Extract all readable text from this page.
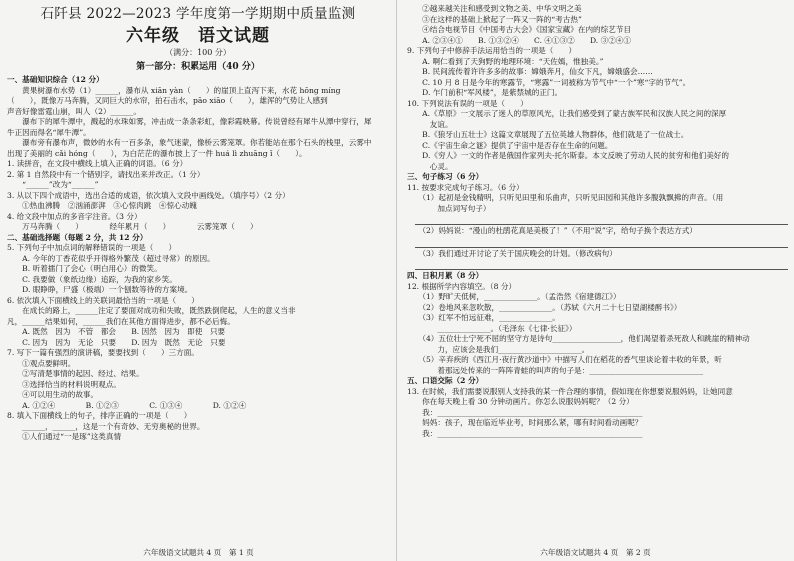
石阡县 2022—2023 学年度第一学期期中质量监测
六年级　语文试题
（满分：100 分）
第一部分：积累运用（40 分）
一、基础知识综合（12 分）
　　黄果树瀑布水势（1）______，瀑布从 xiān yàn（　　）的崖顶上直泻下来，水花 hōng míng
（　　），既像万马奔腾，又同巨大的水帘，拍石击水，pāo xiāo（　　），雄浑的气势让人感到
声音好像雷霆山崩，叫人（2）______。
　　瀑布下的犀牛潭中，溅起的水珠如雾，冲击成一条条彩虹，像彩霞映幕。传说曾经有犀牛从潭中穿行，犀
牛正因而得名“犀牛潭”。
　　瀑布旁有瀑布声，微妙的水有一百多条，象气迷蒙，像桥云雾笼罩。你若能站在那个石头的栈里，云雾中
出现了美丽的 cǎi hóng（　　），为白茫茫的瀑布披上了一件 huá lì zhuāng ǐ（　　）。
1. 读拼音，在文段中横线上填入正确的词语。（6 分）
2. 第 1 自然段中有一个错别字，请找出来并改正。（1 分）
　　“______”改为“______”
3. 从以下四个成语中，选出合适的成语，依次填入文段中画线处。（填序号）（2 分）
　　①热血沸腾　②汹涌澎湃　③心惊肉跳　④惊心动魄
4. 给文段中加点的多音字注音。（3 分）
　　万马奔腾（　　）　　　　经年累月（　　）　　　　云雾笼罩（　　）
二、基础选择题（每题 2 分，共 12 分）
5. 下列句子中加点词的解释错误的一项是（　　）
　　A. 今年的丁香花似乎开得格外繁茂（超过寻常）的原因。
　　B. 听着擂门了会心（明白用心）的微笑。
　　C. 我要做（象纸边缘）追踪，为我的家乡笑。
　　D. 眼睁睁，尸盛（极端）一个刨数等待的方案境。
6. 依次填入下面横线上的关联词最恰当的一项是（　　）
　　在成长的路上，______注定了要面对成功和失败，既然跌倒爬起，人生的意义当非
凡，______结果如何，______我们在其他方面得进步，都不必后悔。
　　A. 既然　因为　不管　都会　　B. 因然　因为　即使　只要
　　C. 因为　因为　无论　只要　　D. 因为　既然　无论　只要
7. 写下一篇有强烈的演讲稿，要要找到（　　）三方面。
　　①观点要鲜明。
　　②写清楚事情的起因、经过、结果。
　　③选择恰当的材料说明观点。
　　④可以用生动的故事。
　　A. ①②④　　　　B. ①②③　　　　C. ①③④　　　　D. ①②④
8. 填入下面横线上的句子，排序正确的一项是（　　）
　　______，______，这是一个有奇妙、无穷奥秘的世界。
　　①人们通过“一是琢”这类真情
六年级语文试题共 4 页　第 1 页
　　②越来越关注和感受到文物之美、中华文明之美
　　③在这样的基础上掀起了一阵又一阵的“考古热”
　　④结合电视节目《中国考古大会》《国家宝藏》在内的综艺节目
　　A. ②③④①　　B. ①③②④　　C. ④①③②　　D. ③②④①
9. 下列句子中修辞手法运用恰当的一项是（　　）
　　A. 啊仁看到了天狗野的地理环境：“天佐嫣，惟独美。”
　　B. 民间流传着许许多多的故事：嫦娥奔月，仙女下凡，嫦娥盛会……
　　C. 10 月 8 日是今年的寒露节，“寒露”一词被称为节气中“一个”寒“字的节气”。
　　D. 乍门前积“军风楼”，是紫禁城的正门。
10. 下列说法有误的一项是（　　）
　　A.《草原》一文展示了迷人的草原风光，让我们感受到了蒙古族军民和汉族人民之间的深厚
　　　友谊。
　　B.《狼牙山五壮士》这篇文章展现了五位英雄人物群体，他们就是了一位战士。
　　C.《宇宙生命之谜》提供了宇宙中是否存在生命的问题。
　　D.《穷人》一文的作者是俄国作家列夫·托尔斯泰。本文反映了劳动人民的贫穷和他们美好的
　　　心灵。
三、句子练习（6 分）
11. 按要求完成句子练习。（6 分）
　　（1）起初是金钱精明，只听见田里和乐曲声，只听见田园和其他许多腹孰飘拂的声音。（用
　　　　加点词写句子）
　　（2）妈妈说：“漫山的杜鹃花真是美极了！”（不用“说”字，给句子换个表达方式）
　　（3）我们通过开讨论了关于国庆晚会的计划。（修改病句）
四、日积月累（8 分）
12. 根据所学内容填空。（8 分）
　　（1）野旷天低树，______________。（孟浩然《宿建德江》）
　　（2）卷地风来忽吹散，______________。（苏轼《六月二十七日望湖楼醉书》）
　　（3）红军不怕远征难，______________。
　　　　______________。（毛泽东《七律·长征》）
　　（4）五位壮士宁死不屈的坚守方是诗句__________________，他们渴望着杀死敌人和跳崖的精神动
　　　　力，应该会是我们______________________。
　　（5）辛弃疾的《西江月·夜行黄沙道中》中描写人们在稻花的香气里谈论着丰收的年景，听
　　　　着那远处传来的一阵阵青蛙的叫声的句子是：______________________________
五、口语交际（2 分）
13. 在时候，我们需要说服别人支持我的某一件合理的事情，假如现在你想要说服妈妈，让她同意
　　你在每天晚上看 30 分钟动画片。你怎么说服妈妈呢？（2 分）
　　我：______________________________________________________
　　妈妈：孩子，现在临近毕业考，时间那么紧，哪有时间看动画呢？
　　我：______________________________________________________
六年级语文试题共 4 页　第 2 页
